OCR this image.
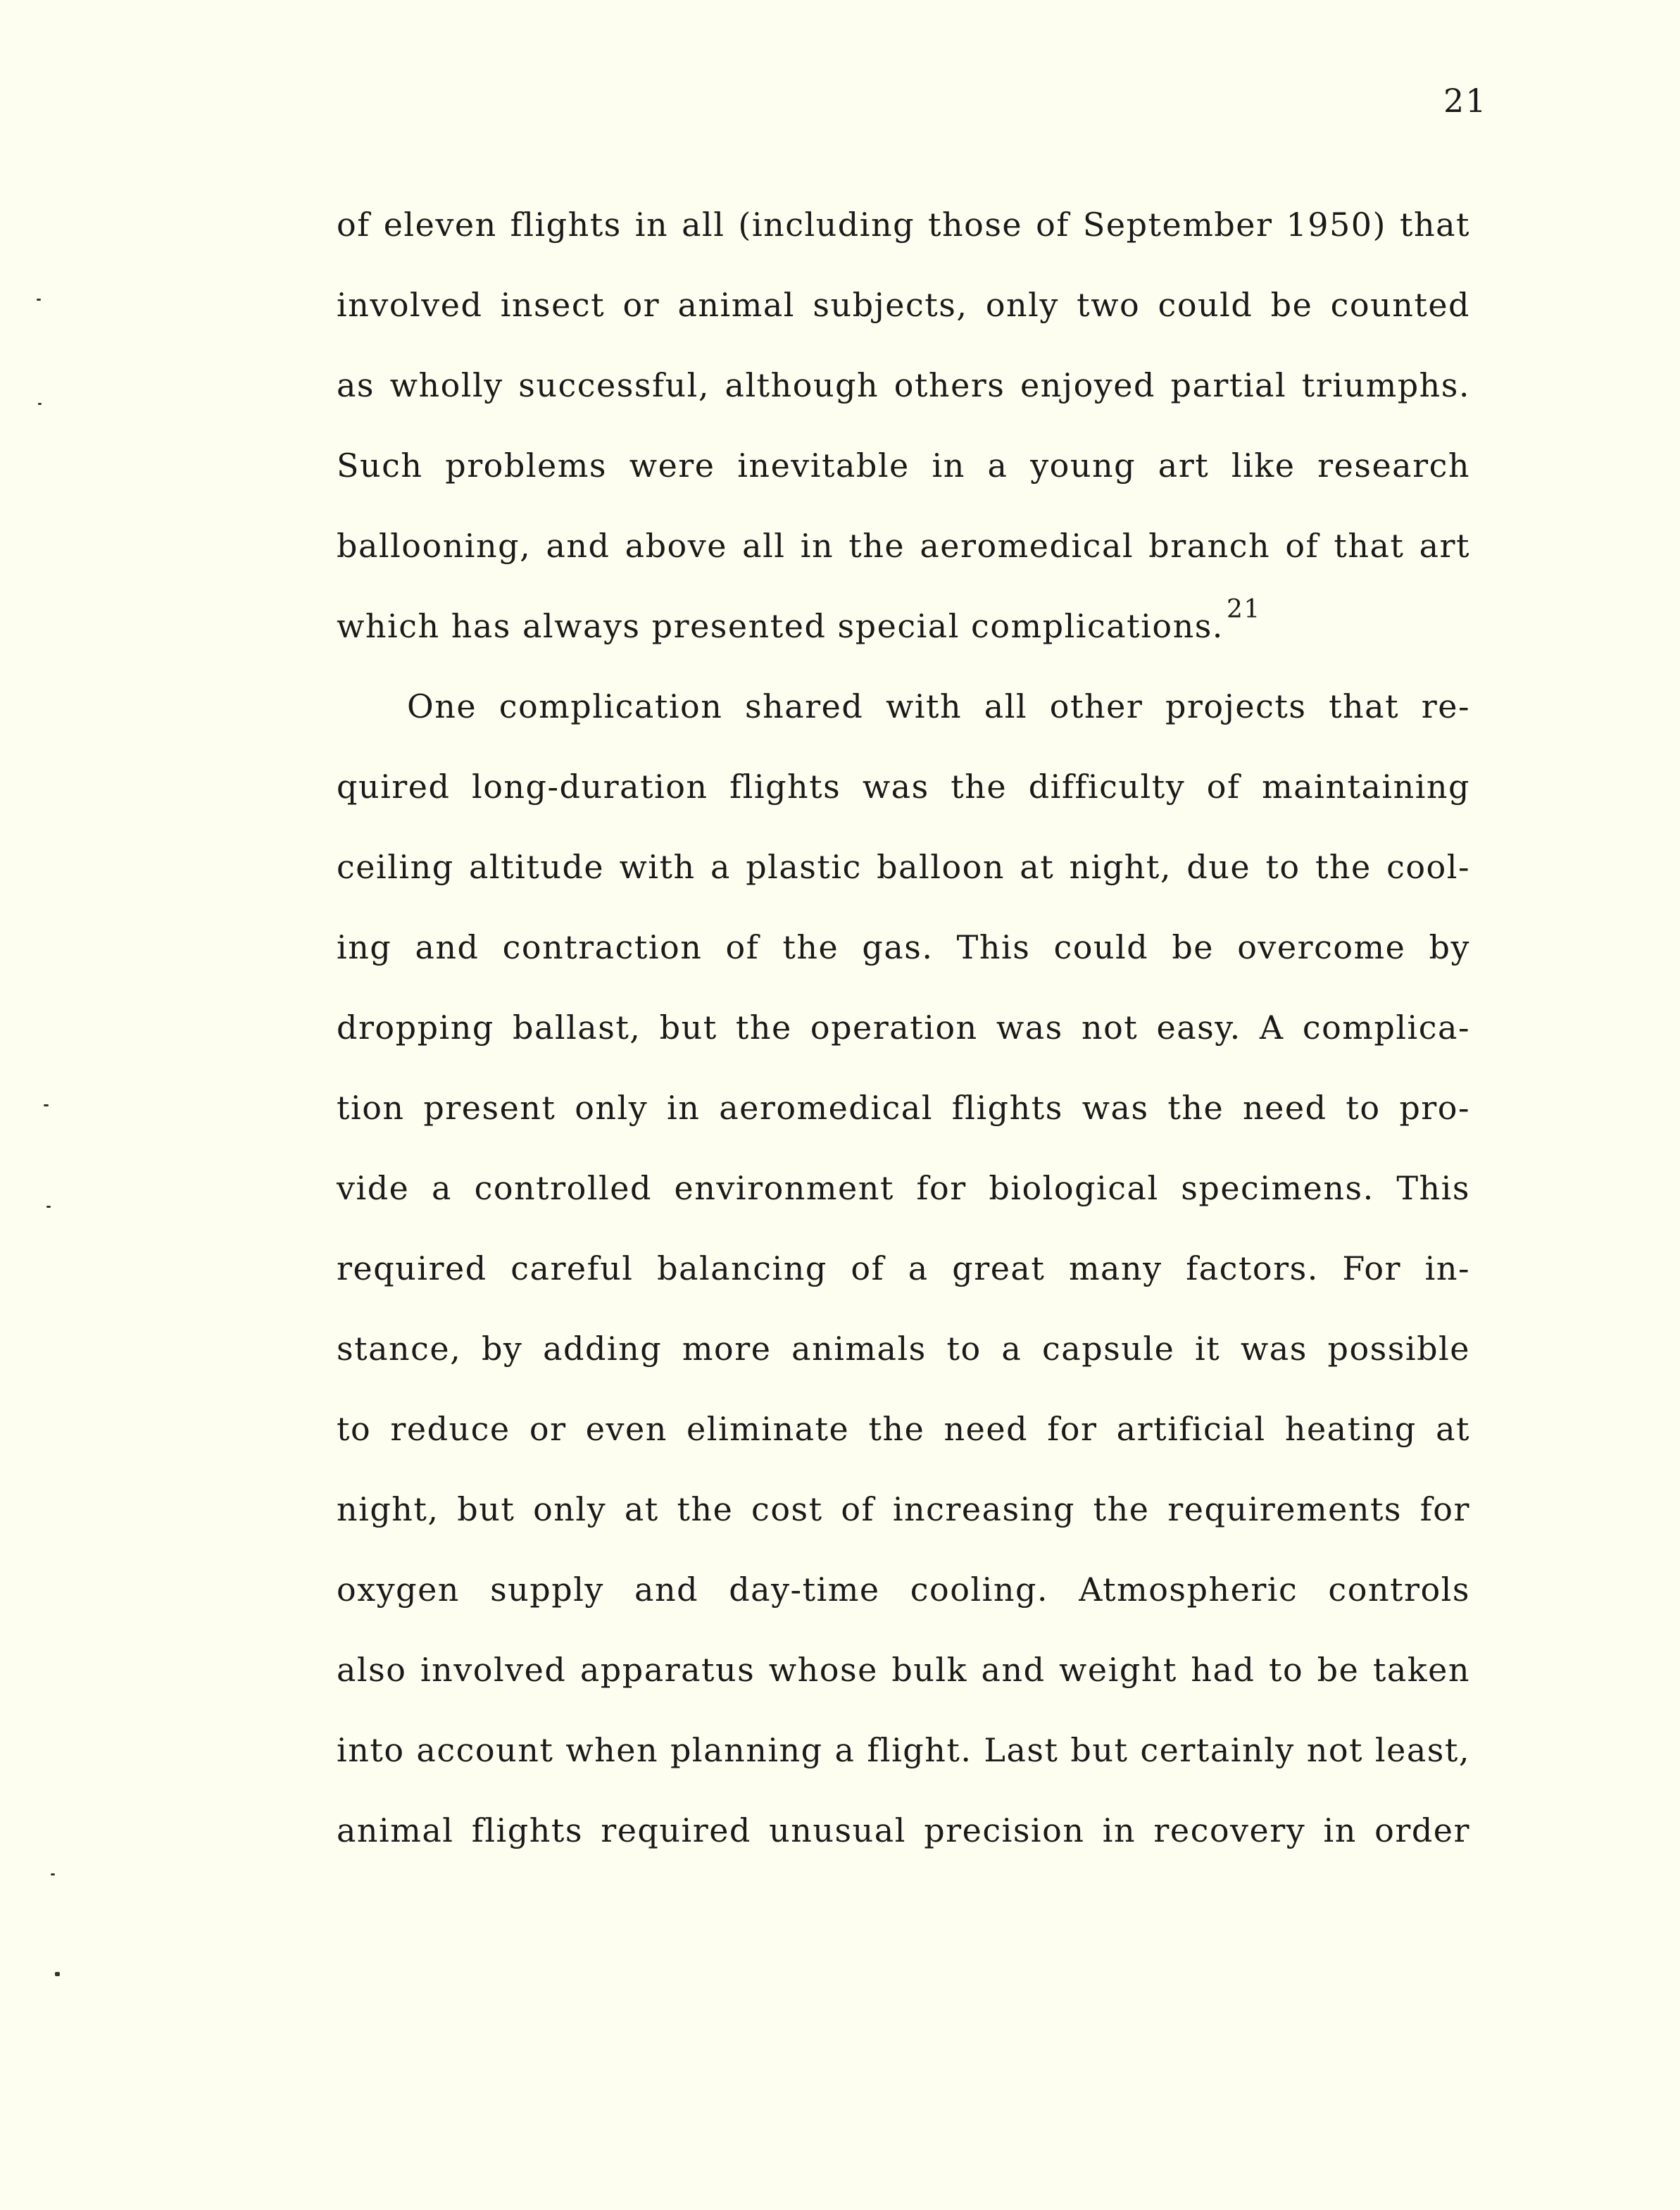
21
of eleven flights in all (including those of September 1950) that
involved insect or animal subjects, only two could be counted
as wholly successful, although others enjoyed partial triumphs.
Such problems were inevitable in a young art like research
ballooning, and above all in the aeromedical branch of that art
which has always presented special complications. $^{21}$
One complication shared with all other projects that re-
quired long-duration flights was the difficulty of maintaining
ceiling altitude with a plastic balloon at night, due to the cool-
ing and contraction of the gas. This could be overcome by
dropping ballast, but the operation was not easy. A complica-
tion present only in aeromedical flights was the need to pro-
vide a controlled environment for biological specimens. This
required careful balancing of a great many factors. For in-
stance, by adding more animals to a capsule it was possible
to reduce or even eliminate the need for artificial heating at
night, but only at the cost of increasing the requirements for
oxygen supply and day-time cooling. Atmospheric controls
also involved apparatus whose bulk and weight had to be taken
into account when planning a flight. Last but certainly not least,
animal flights required unusual precision in recovery in order
